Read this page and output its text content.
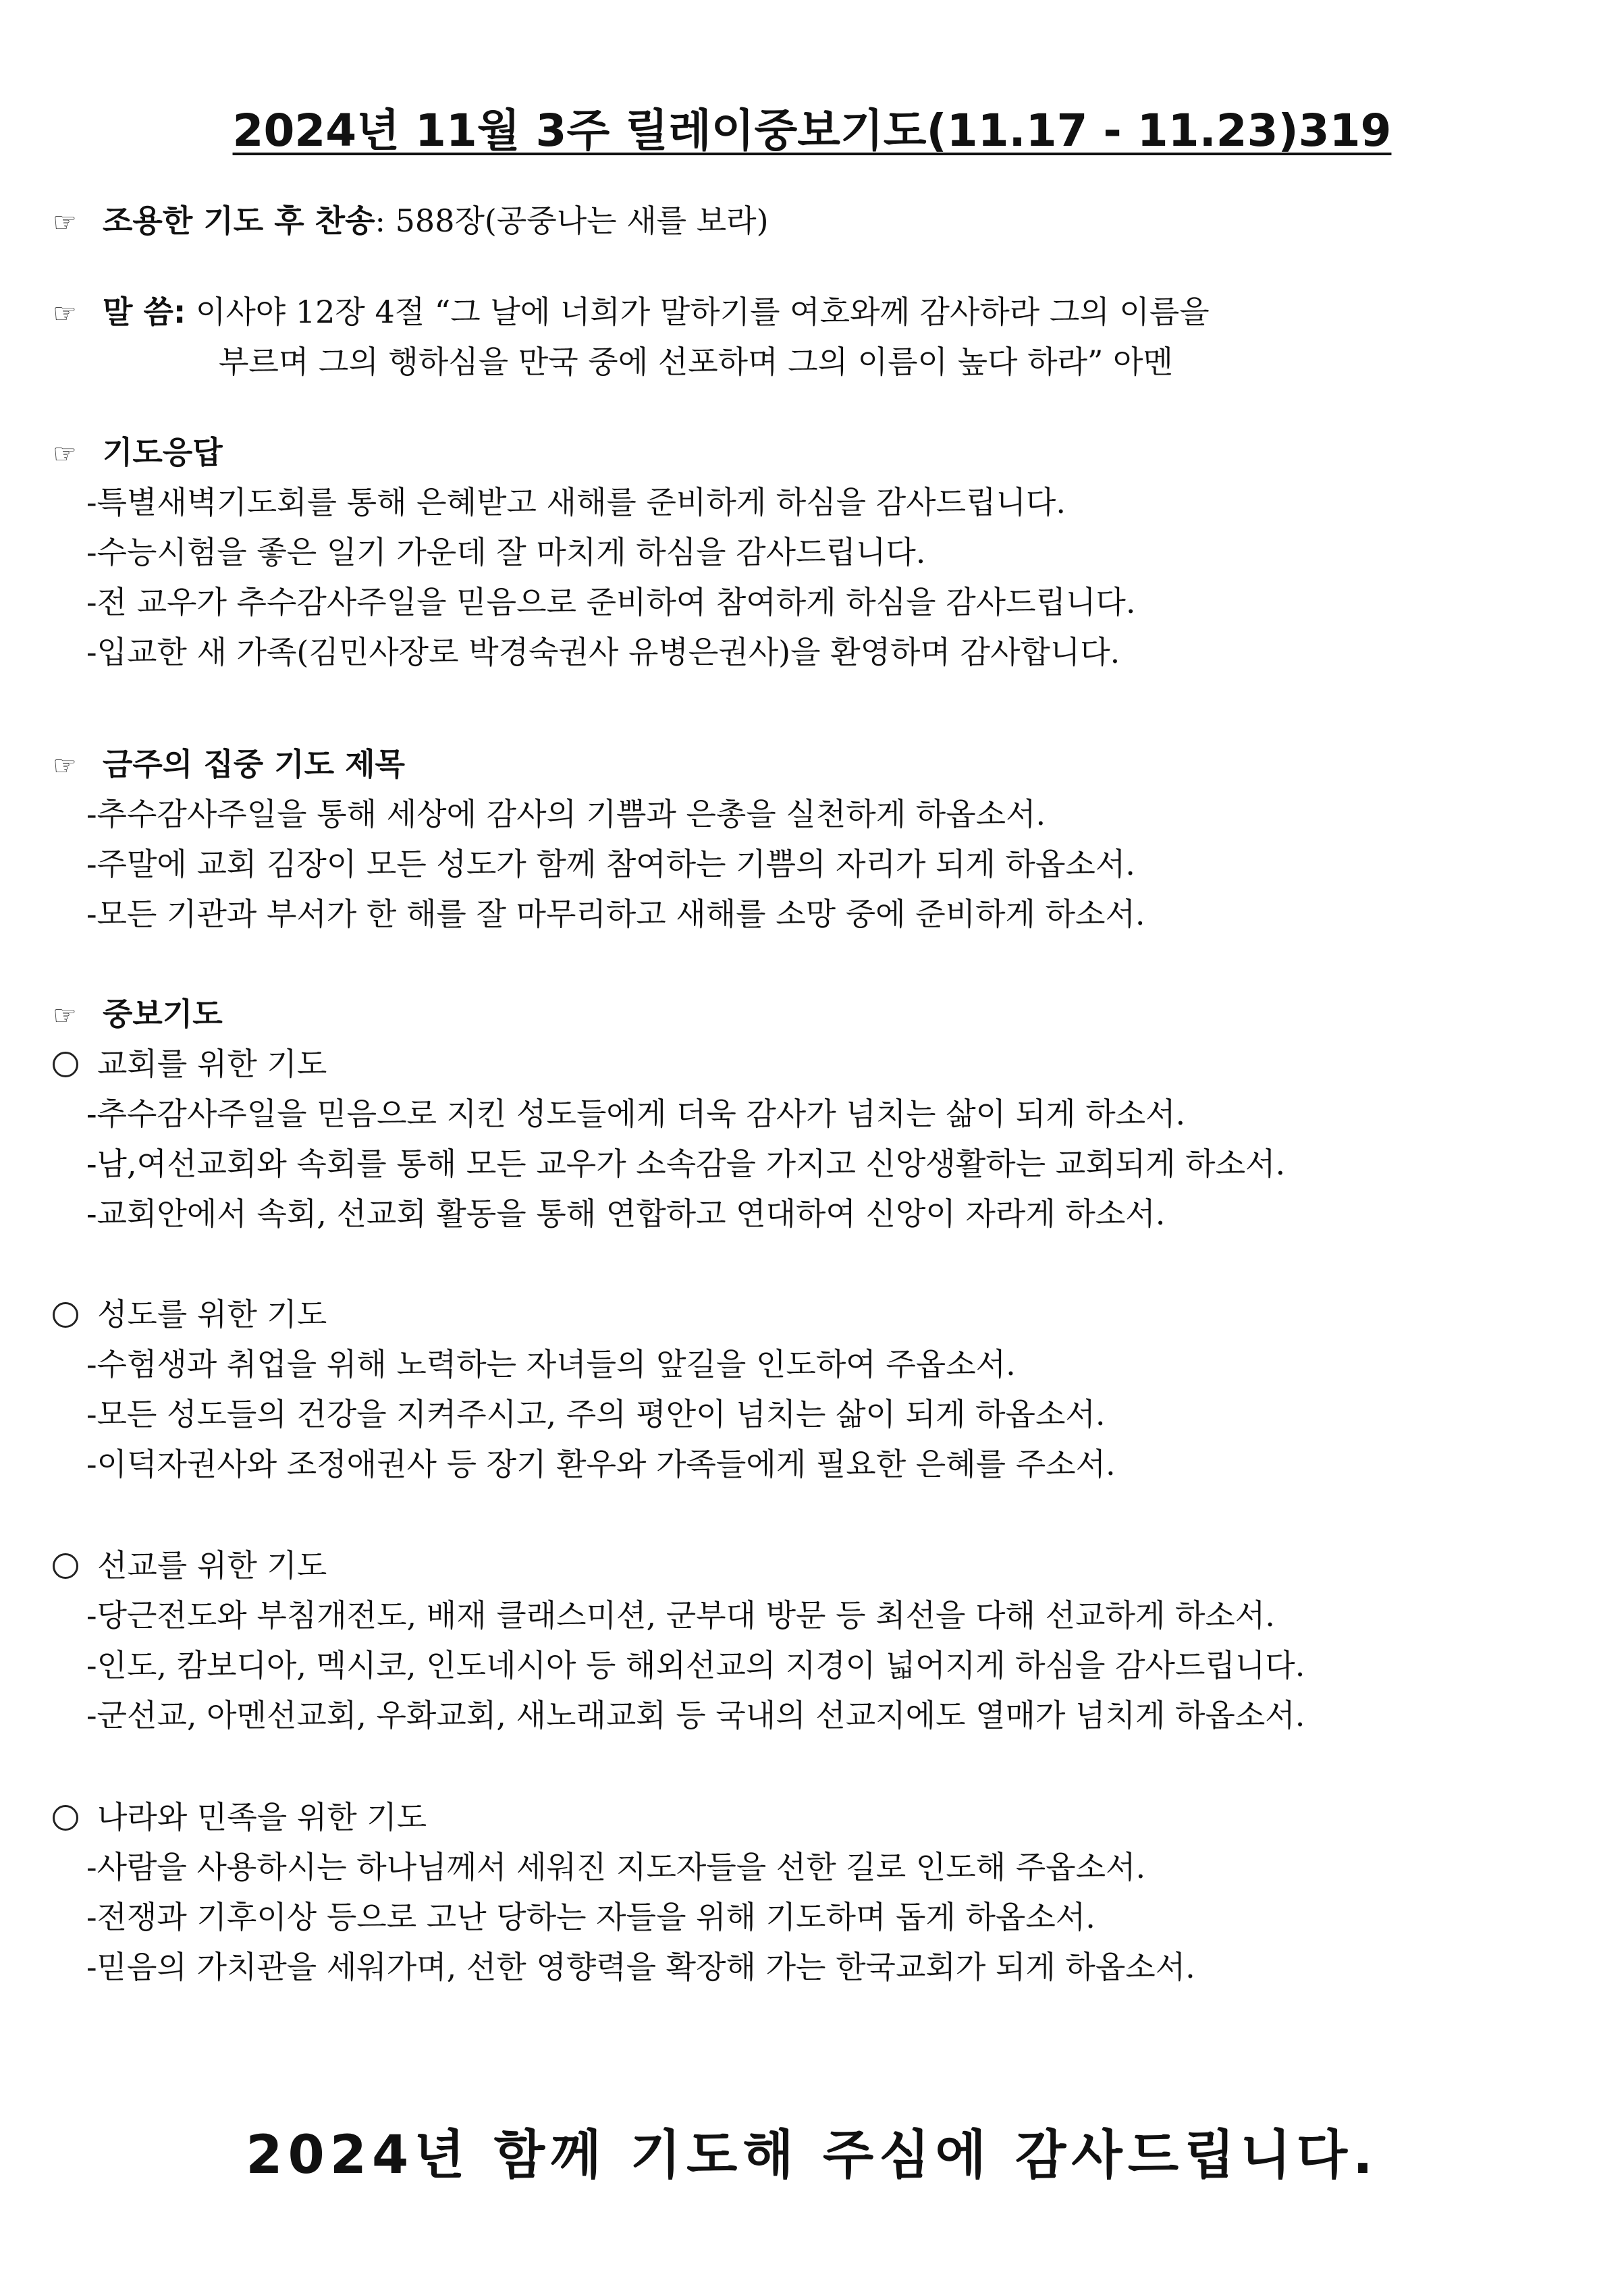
2024년 11월 3주 릴레이중보기도(11.17 - 11.23)319
☞ 조용한 기도 후 찬송: 588장(공중나는 새를 보라)
☞ 말 씀: 이사야 12장 4절 “그 날에 너희가 말하기를 여호와께 감사하라 그의 이름을
부르며 그의 행하심을 만국 중에 선포하며 그의 이름이 높다 하라” 아멘
☞ 기도응답
-특별새벽기도회를 통해 은혜받고 새해를 준비하게 하심을 감사드립니다.
-수능시험을 좋은 일기 가운데 잘 마치게 하심을 감사드립니다.
-전 교우가 추수감사주일을 믿음으로 준비하여 참여하게 하심을 감사드립니다.
-입교한 새 가족(김민사장로 박경숙권사 유병은권사)을 환영하며 감사합니다.
☞ 금주의 집중 기도 제목
-추수감사주일을 통해 세상에 감사의 기쁨과 은총을 실천하게 하옵소서.
-주말에 교회 김장이 모든 성도가 함께 참여하는 기쁨의 자리가 되게 하옵소서.
-모든 기관과 부서가 한 해를 잘 마무리하고 새해를 소망 중에 준비하게 하소서.
☞ 중보기도
교회를 위한 기도
-추수감사주일을 믿음으로 지킨 성도들에게 더욱 감사가 넘치는 삶이 되게 하소서.
-남,여선교회와 속회를 통해 모든 교우가 소속감을 가지고 신앙생활하는 교회되게 하소서.
-교회안에서 속회, 선교회 활동을 통해 연합하고 연대하여 신앙이 자라게 하소서.
성도를 위한 기도
-수험생과 취업을 위해 노력하는 자녀들의 앞길을 인도하여 주옵소서.
-모든 성도들의 건강을 지켜주시고, 주의 평안이 넘치는 삶이 되게 하옵소서.
-이덕자권사와 조정애권사 등 장기 환우와 가족들에게 필요한 은혜를 주소서.
선교를 위한 기도
-당근전도와 부침개전도, 배재 클래스미션, 군부대 방문 등 최선을 다해 선교하게 하소서.
-인도, 캄보디아, 멕시코, 인도네시아 등 해외선교의 지경이 넓어지게 하심을 감사드립니다.
-군선교, 아멘선교회, 우화교회, 새노래교회 등 국내의 선교지에도 열매가 넘치게 하옵소서.
나라와 민족을 위한 기도
-사람을 사용하시는 하나님께서 세워진 지도자들을 선한 길로 인도해 주옵소서.
-전쟁과 기후이상 등으로 고난 당하는 자들을 위해 기도하며 돕게 하옵소서.
-믿음의 가치관을 세워가며, 선한 영향력을 확장해 가는 한국교회가 되게 하옵소서.
2024년 함께 기도해 주심에 감사드립니다.
